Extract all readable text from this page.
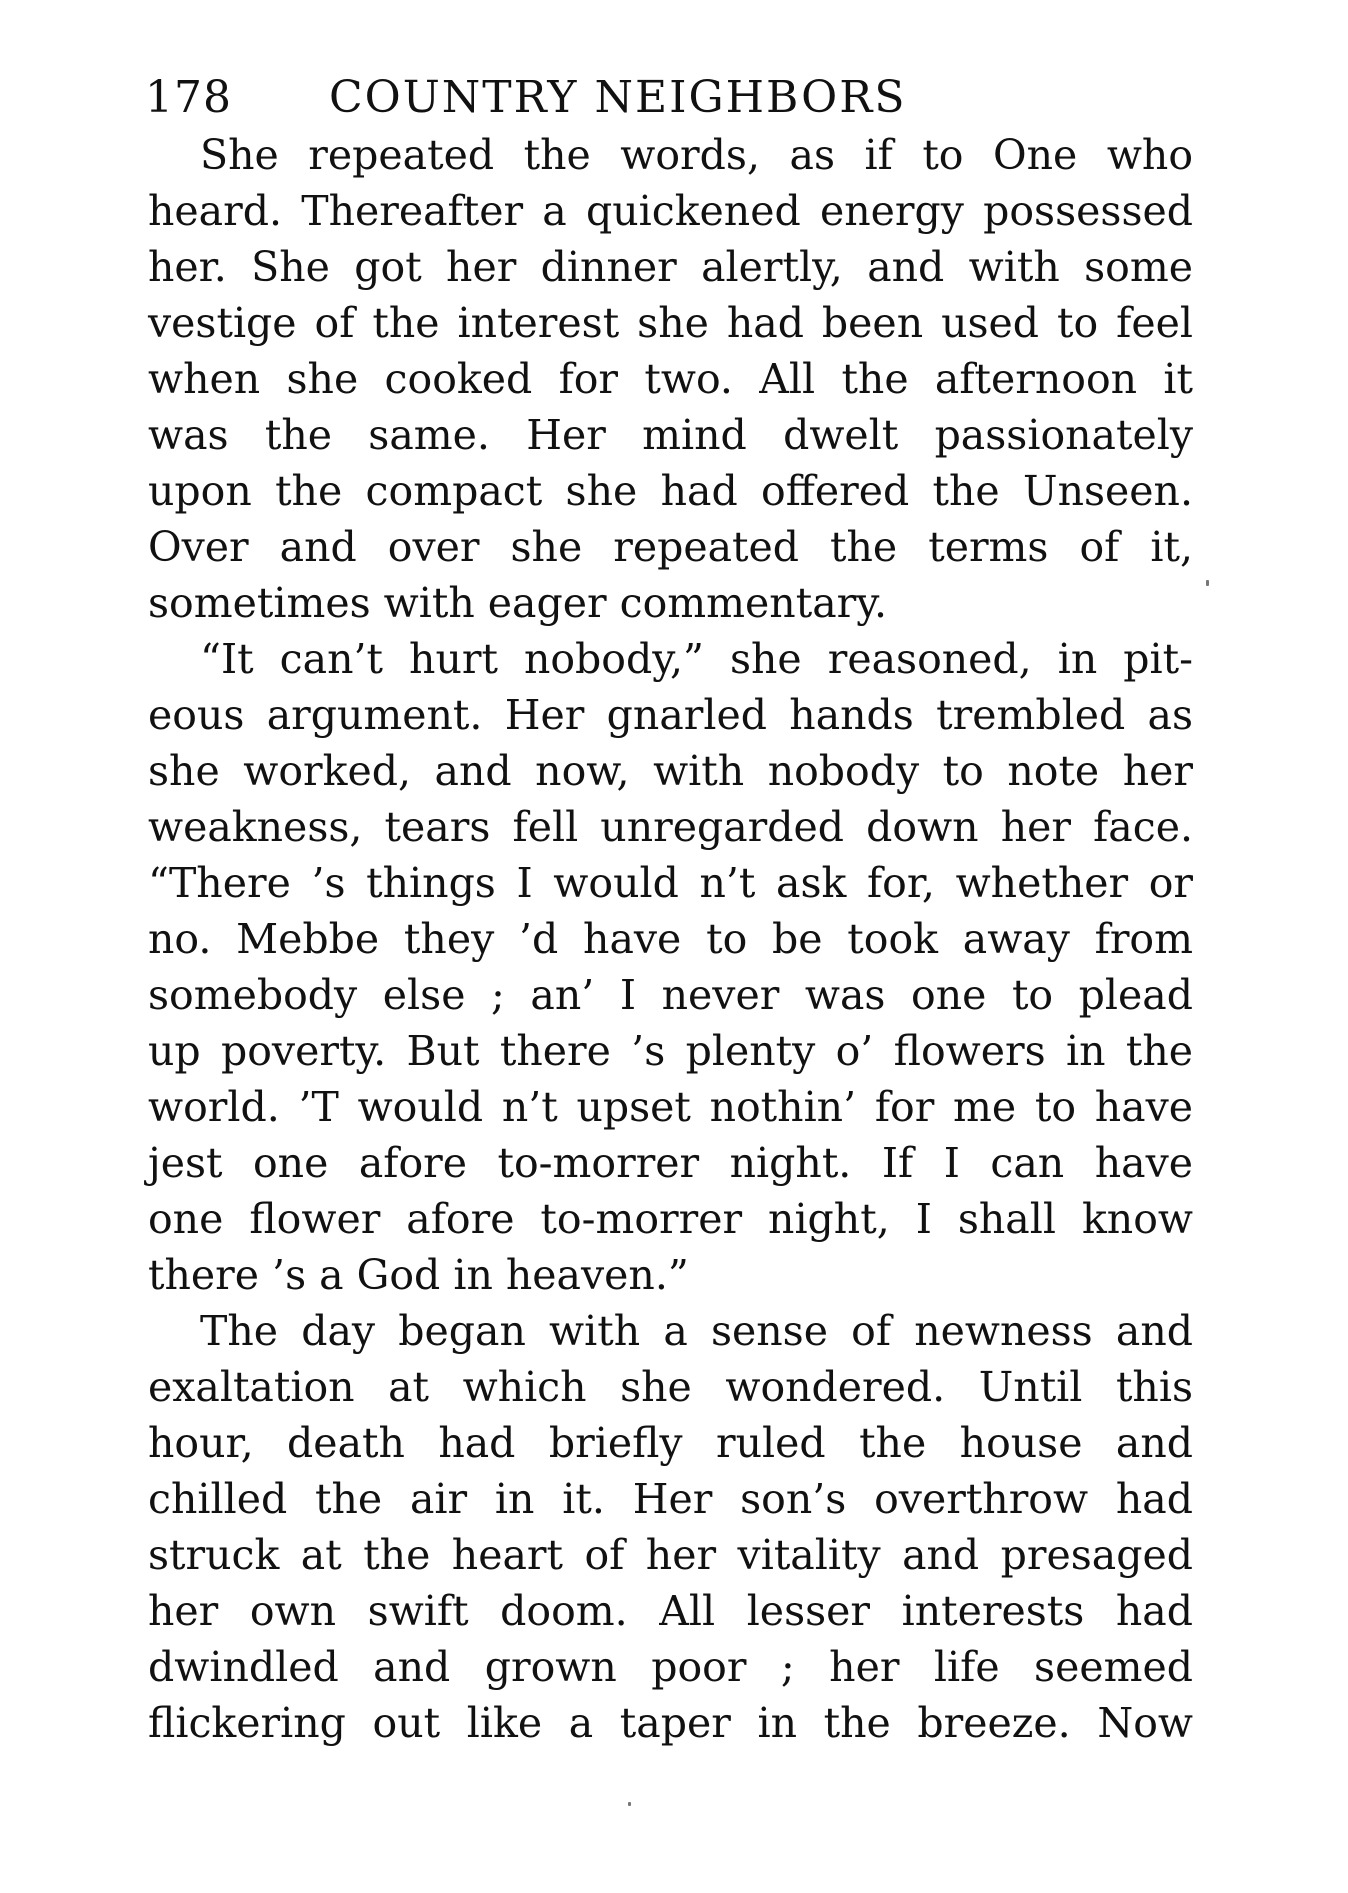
178 COUNTRY NEIGHBORS
She repeated the words, as if to One who
heard. Thereafter a quickened energy possessed
her. She got her dinner alertly, and with some
vestige of the interest she had been used to feel
when she cooked for two. All the afternoon it
was the same. Her mind dwelt passionately
upon the compact she had offered the Unseen.
Over and over she repeated the terms of it,
sometimes with eager commentary.
“It can’t hurt nobody,” she reasoned, in pit-
eous argument. Her gnarled hands trembled as
she worked, and now, with nobody to note her
weakness, tears fell unregarded down her face.
“There ’s things I would n’t ask for, whether or
no. Mebbe they ’d have to be took away from
somebody else ; an’ I never was one to plead
up poverty. But there ’s plenty o’ flowers in the
world. ’T would n’t upset nothin’ for me to have
jest one afore to-morrer night. If I can have
one flower afore to-morrer night, I shall know
there ’s a God in heaven.”
The day began with a sense of newness and
exaltation at which she wondered. Until this
hour, death had briefly ruled the house and
chilled the air in it. Her son’s overthrow had
struck at the heart of her vitality and presaged
her own swift doom. All lesser interests had
dwindled and grown poor ; her life seemed
flickering out like a taper in the breeze. Now
